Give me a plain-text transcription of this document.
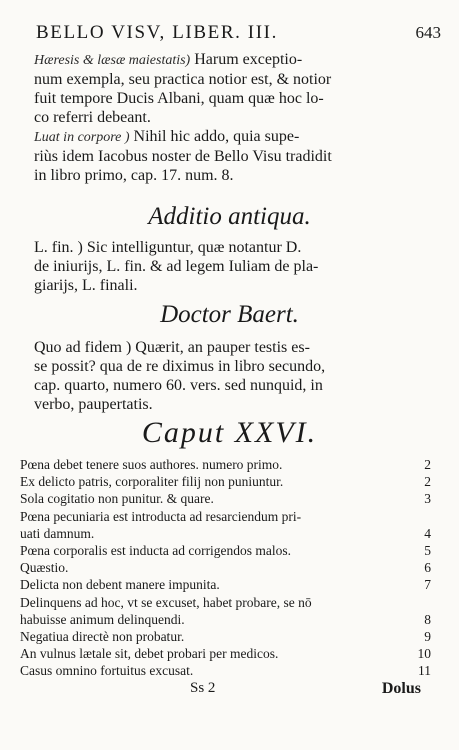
BELLO VISV, LIBER. III.	643

Hæresis & læsæ maiestatis) Harum exceptio-

num exempla, seu practica notior est, & notior

fuit tempore Ducis Albani, quam quæ hoc lo-

co referri debeant.

Luat in corpore ) Nihil hic addo, quia supe-

riùs idem Iacobus noster de Bello Visu tradidit

in libro primo, cap. 17. num. 8.

Additio antiqua.

L. fin. ) Sic intelliguntur, quæ notantur D.

de iniurijs, L. fin. & ad legem Iuliam de pla-

giarijs, L. finali.

Doctor Baert.

Quo ad fidem ) Quærit, an pauper testis es-

se possit? qua de re diximus in libro secundo,

cap. quarto, numero 60. vers. sed nunquid, in

verbo, paupertatis.

Caput XXVI.
Pœna debet tenere suos authores. numero primo.	2
Ex delicto patris, corporaliter filij non puniuntur.	2
Sola cogitatio non punitur. & quare.	3
Pœna pecuniaria est introducta ad resarciendum pri-
uati damnum.	4
Pœna corporalis est inducta ad corrigendos malos.	5
Quæstio.	6
Delicta non debent manere impunita.	7
Delinquens ad hoc, vt se excuset, habet probare, se nō
habuisse animum delinquendi.	8
Negatiua directè non probatur.	9
An vulnus lætale sit, debet probari per medicos.	10
Casus omnino fortuitus excusat.	11
Ss 2	Dolus
